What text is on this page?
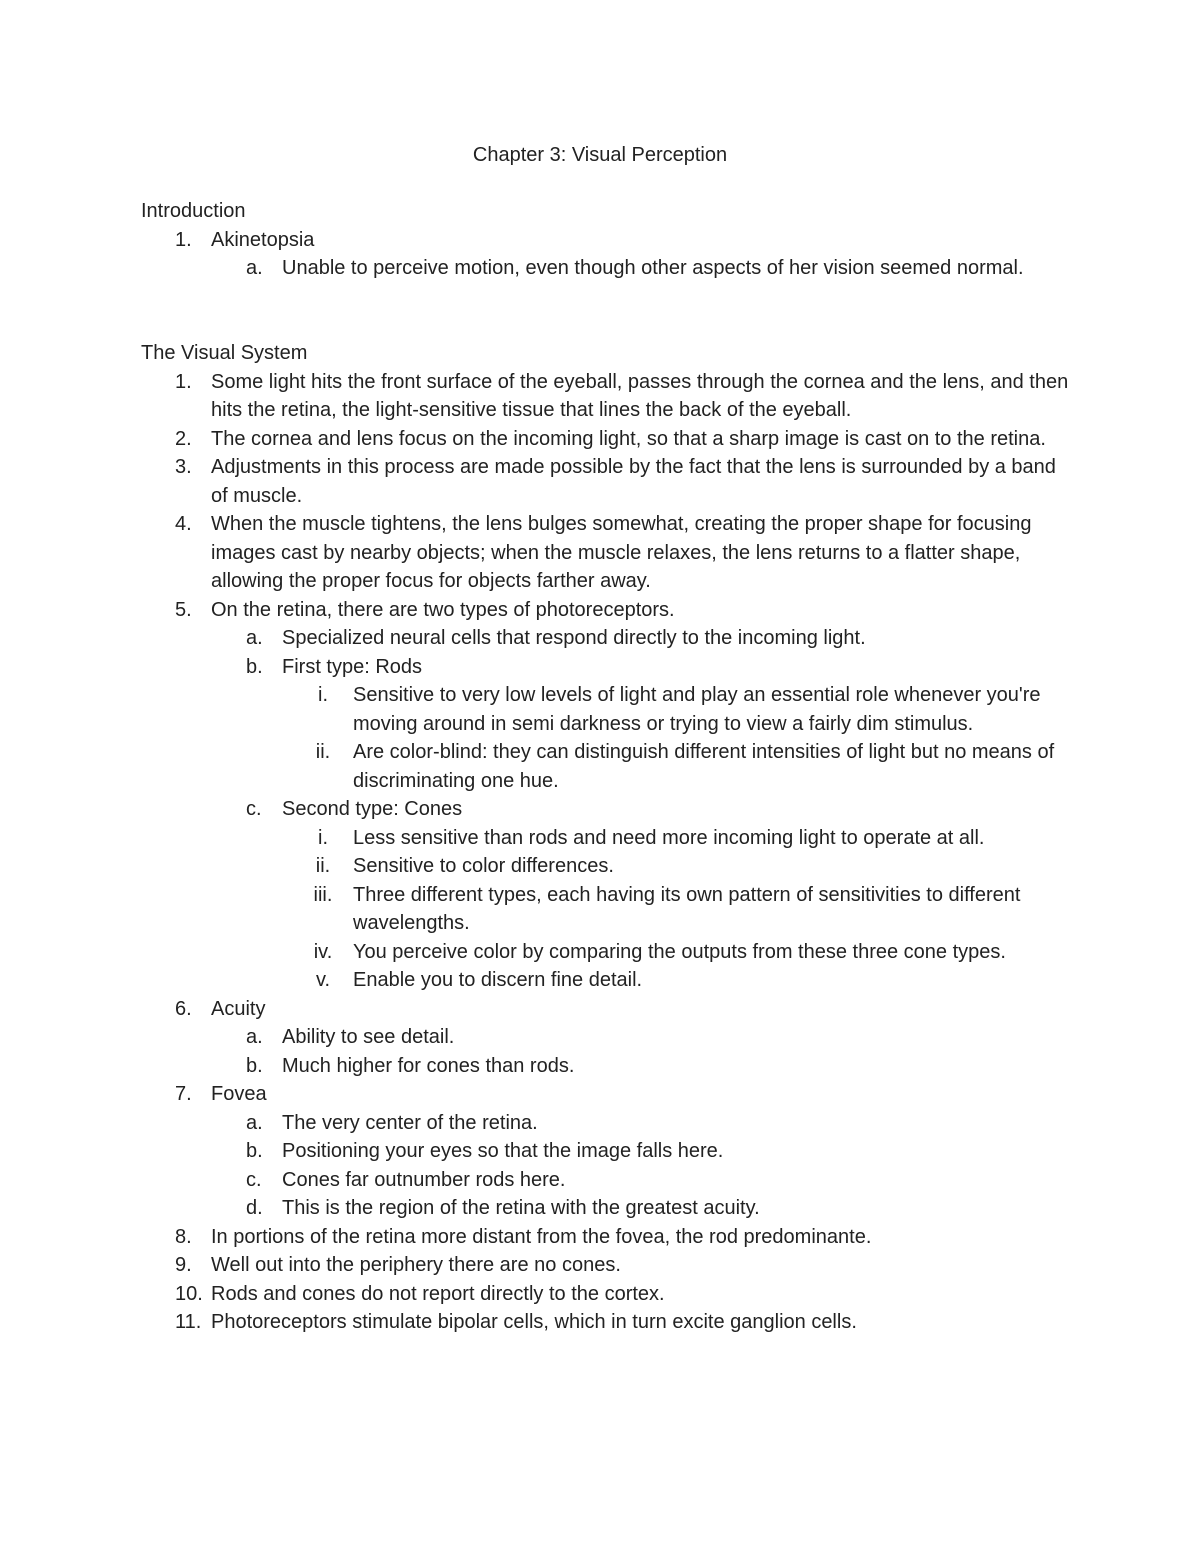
Chapter 3: Visual Perception
Introduction
1. Akinetopsia
a. Unable to perceive motion, even though other aspects of her vision seemed normal.
The Visual System
1. Some light hits the front surface of the eyeball, passes through the cornea and the lens, and then hits the retina, the light-sensitive tissue that lines the back of the eyeball.
2. The cornea and lens focus on the incoming light, so that a sharp image is cast on to the retina.
3. Adjustments in this process are made possible by the fact that the lens is surrounded by a band of muscle.
4. When the muscle tightens, the lens bulges somewhat, creating the proper shape for focusing images cast by nearby objects; when the muscle relaxes, the lens returns to a flatter shape, allowing the proper focus for objects farther away.
5. On the retina, there are two types of photoreceptors.
a. Specialized neural cells that respond directly to the incoming light.
b. First type: Rods
i.	Sensitive to very low levels of light and play an essential role whenever you're moving around in semi darkness or trying to view a fairly dim stimulus.
ii.	Are color-blind: they can distinguish different intensities of light but no means of discriminating one hue.
c.	Second type: Cones
i.	Less sensitive than rods and need more incoming light to operate at all.
ii.	Sensitive to color differences.
iii.	Three different types, each having its own pattern of sensitivities to different wavelengths.
iv.	You perceive color by comparing the outputs from these three cone types.
v.	Enable you to discern fine detail.
6. Acuity
a. Ability to see detail.
b. Much higher for cones than rods.
7. Fovea
a. The very center of the retina.
b. Positioning your eyes so that the image falls here.
c.	Cones far outnumber rods here.
d. This is the region of the retina with the greatest acuity.
8. In portions of the retina more distant from the fovea, the rod predominante.
9. Well out into the periphery there are no cones.
10. Rods and cones do not report directly to the cortex.
11. Photoreceptors stimulate bipolar cells, which in turn excite ganglion cells.
